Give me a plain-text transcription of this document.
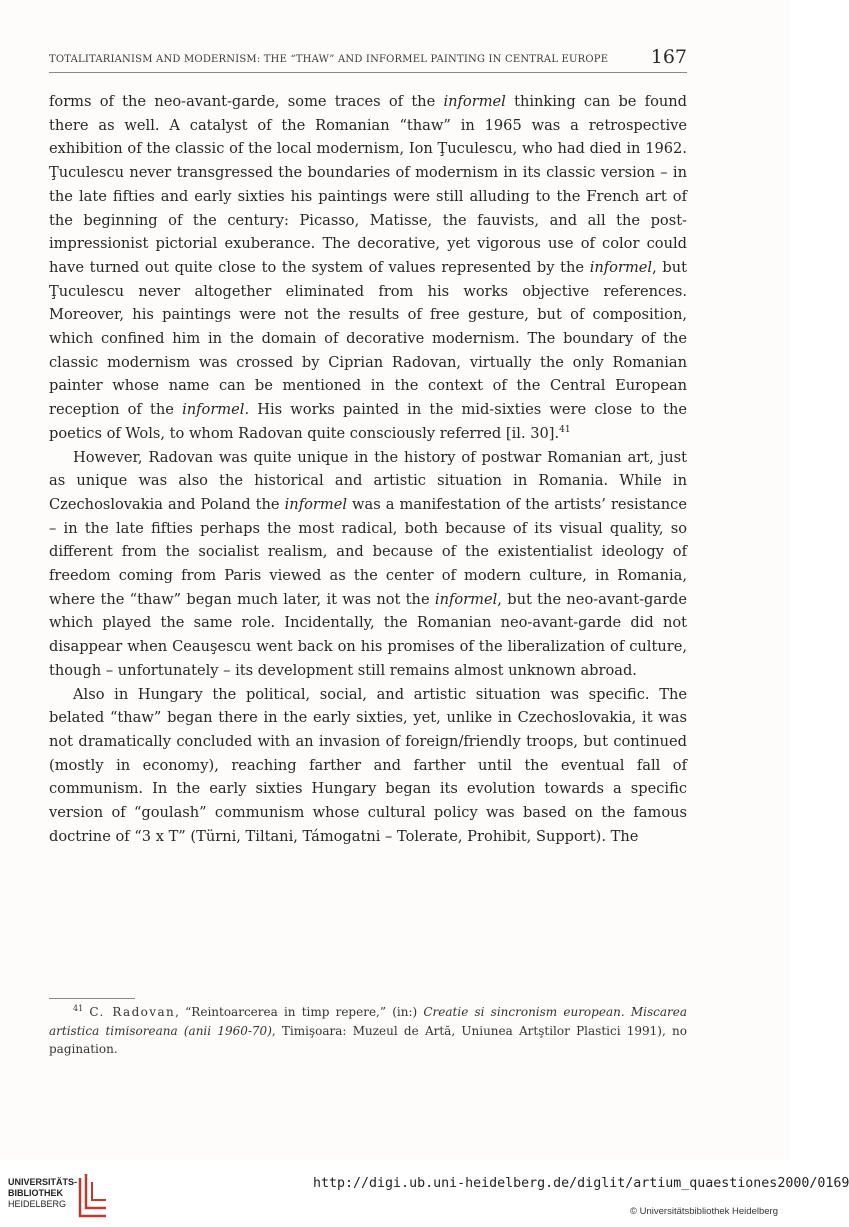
TOTALITARIANISM AND MODERNISM: THE “THAW” AND INFORMEL PAINTING IN CENTRAL EUROPE 167

forms of the neo-avant-garde, some traces of the informel thinking can be found there as well. A catalyst of the Romanian “thaw” in 1965 was a retrospective exhibition of the classic of the local modernism, Ion Ţuculescu, who had died in 1962. Ţuculescu never transgressed the boundaries of modernism in its classic version – in the late fifties and early sixties his paintings were still alluding to the French art of the beginning of the century: Picasso, Matisse, the fauvists, and all the post-impressionist pictorial exuberance. The decorative, yet vigorous use of color could have turned out quite close to the system of values represented by the informel, but Ţuculescu never altogether eliminated from his works objective references. Moreover, his paintings were not the results of free gesture, but of composition, which confined him in the domain of decorative modernism. The boundary of the classic modernism was crossed by Ciprian Radovan, virtually the only Romanian painter whose name can be mentioned in the context of the Central European reception of the informel. His works painted in the mid-sixties were close to the poetics of Wols, to whom Radovan quite consciously referred [il. 30].$^{41}$

However, Radovan was quite unique in the history of postwar Romanian art, just as unique was also the historical and artistic situation in Romania. While in Czechoslovakia and Poland the informel was a manifestation of the artists’ resistance – in the late fifties perhaps the most radical, both because of its visual quality, so different from the socialist realism, and because of the existentialist ideology of freedom coming from Paris viewed as the center of modern culture, in Romania, where the “thaw” began much later, it was not the informel, but the neo-avant-garde which played the same role. Incidentally, the Romanian neo-avant-garde did not disappear when Ceauşescu went back on his promises of the liberalization of culture, though – unfortunately – its development still remains almost unknown abroad.

Also in Hungary the political, social, and artistic situation was specific. The belated “thaw” began there in the early sixties, yet, unlike in Czechoslovakia, it was not dramatically concluded with an invasion of foreign/friendly troops, but continued (mostly in economy), reaching farther and farther until the eventual fall of communism. In the early sixties Hungary began its evolution towards a specific version of “goulash” communism whose cultural policy was based on the famous doctrine of “3 x T” (Türni, Tiltani, Támogatni – Tolerate, Prohibit, Support). The

$^{41}$ C. Radovan, “Reintoarcerea in timp repere,” (in:) Creatie si sincronism european. Miscarea artistica timisoreana (anii 1960-70), Timişoara: Muzeul de Artă, Uniunea Artştilor Plastici 1991), no pagination.
UNIVERSITÄTS-
BIBLIOTHEK
HEIDELBERG
http://digi.ub.uni-heidelberg.de/diglit/artium_quaestiones2000/0169
© Universitätsbibliothek Heidelberg
